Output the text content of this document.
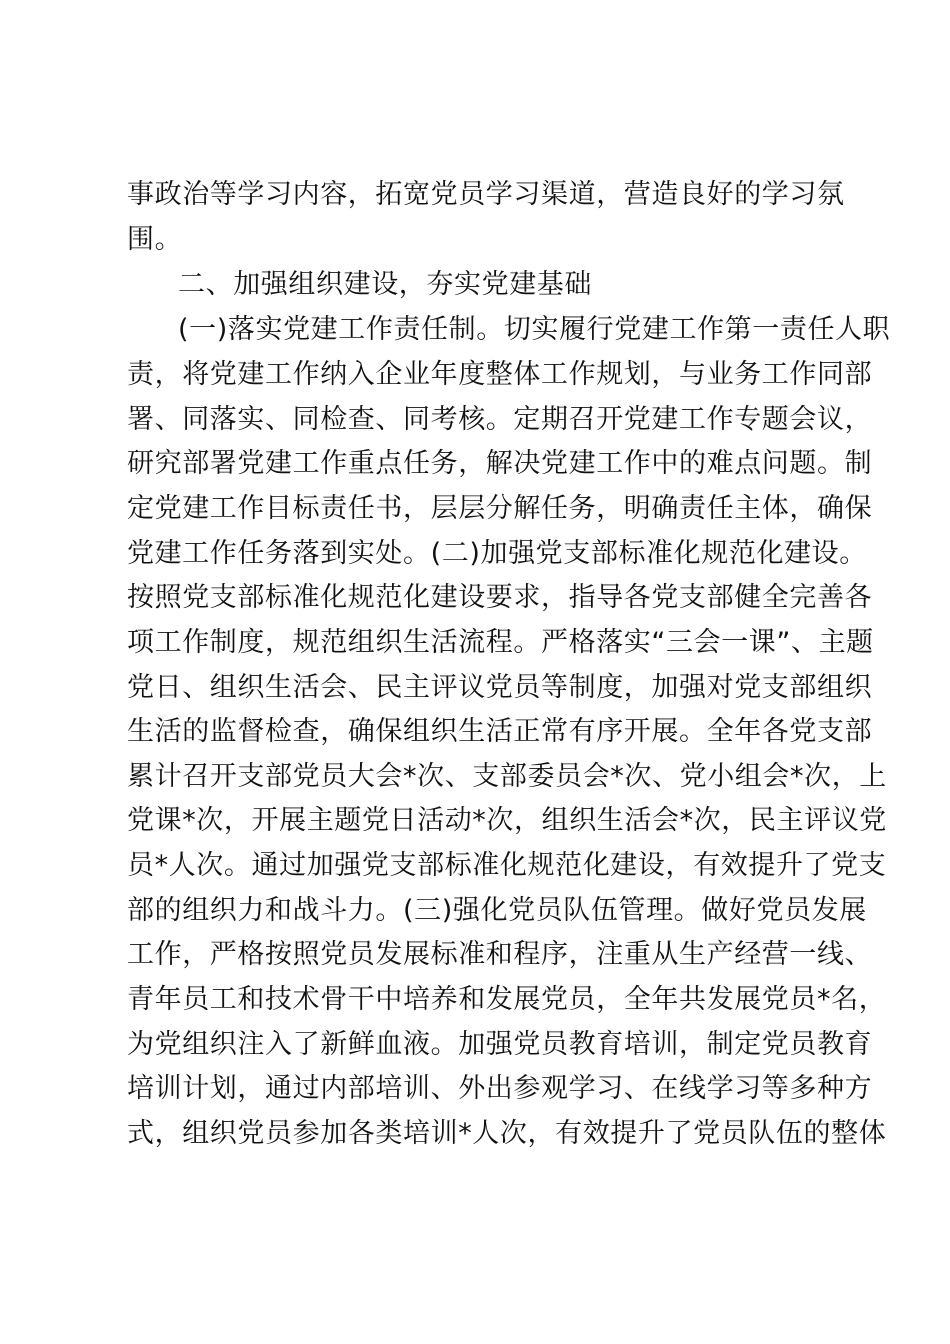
事政治等学习内容，拓宽党员学习渠道，营造良好的学习氛
围。
二、加强组织建设，夯实党建基础
(一)落实党建工作责任制。切实履行党建工作第一责任人职
责，将党建工作纳入企业年度整体工作规划，与业务工作同部
署、同落实、同检查、同考核。定期召开党建工作专题会议，
研究部署党建工作重点任务，解决党建工作中的难点问题。制
定党建工作目标责任书，层层分解任务，明确责任主体，确保
党建工作任务落到实处。(二)加强党支部标准化规范化建设。
按照党支部标准化规范化建设要求，指导各党支部健全完善各
项工作制度，规范组织生活流程。严格落实“三会一课”、主题
党日、组织生活会、民主评议党员等制度，加强对党支部组织
生活的监督检查，确保组织生活正常有序开展。全年各党支部
累计召开支部党员大会*次、支部委员会*次、党小组会*次，上
党课*次，开展主题党日活动*次，组织生活会*次，民主评议党
员*人次。通过加强党支部标准化规范化建设，有效提升了党支
部的组织力和战斗力。(三)强化党员队伍管理。做好党员发展
工作，严格按照党员发展标准和程序，注重从生产经营一线、
青年员工和技术骨干中培养和发展党员，全年共发展党员*名，
为党组织注入了新鲜血液。加强党员教育培训，制定党员教育
培训计划，通过内部培训、外出参观学习、在线学习等多种方
式，组织党员参加各类培训*人次，有效提升了党员队伍的整体
